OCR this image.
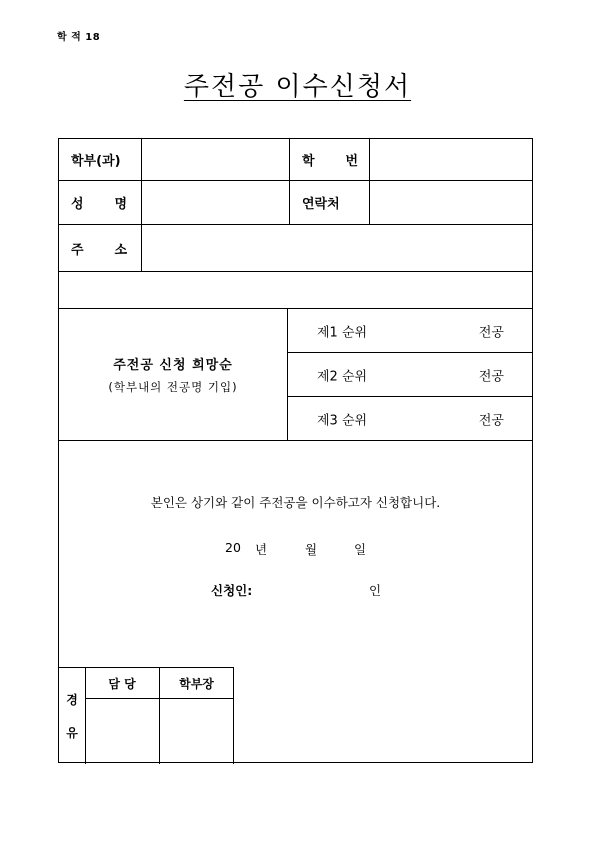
학 적 18
주전공 이수신청서
학부(과)	학 번
성 명	연락처
주 소
주전공 신청 희망순
(학부내의 전공명 기입)
제1 순위	전공
제2 순위	전공
제3 순위	전공
본인은 상기와 같이 주전공을 이수하고자 신청합니다.
20 년	월	일
신청인:	인
경
유
담 당	학부장
